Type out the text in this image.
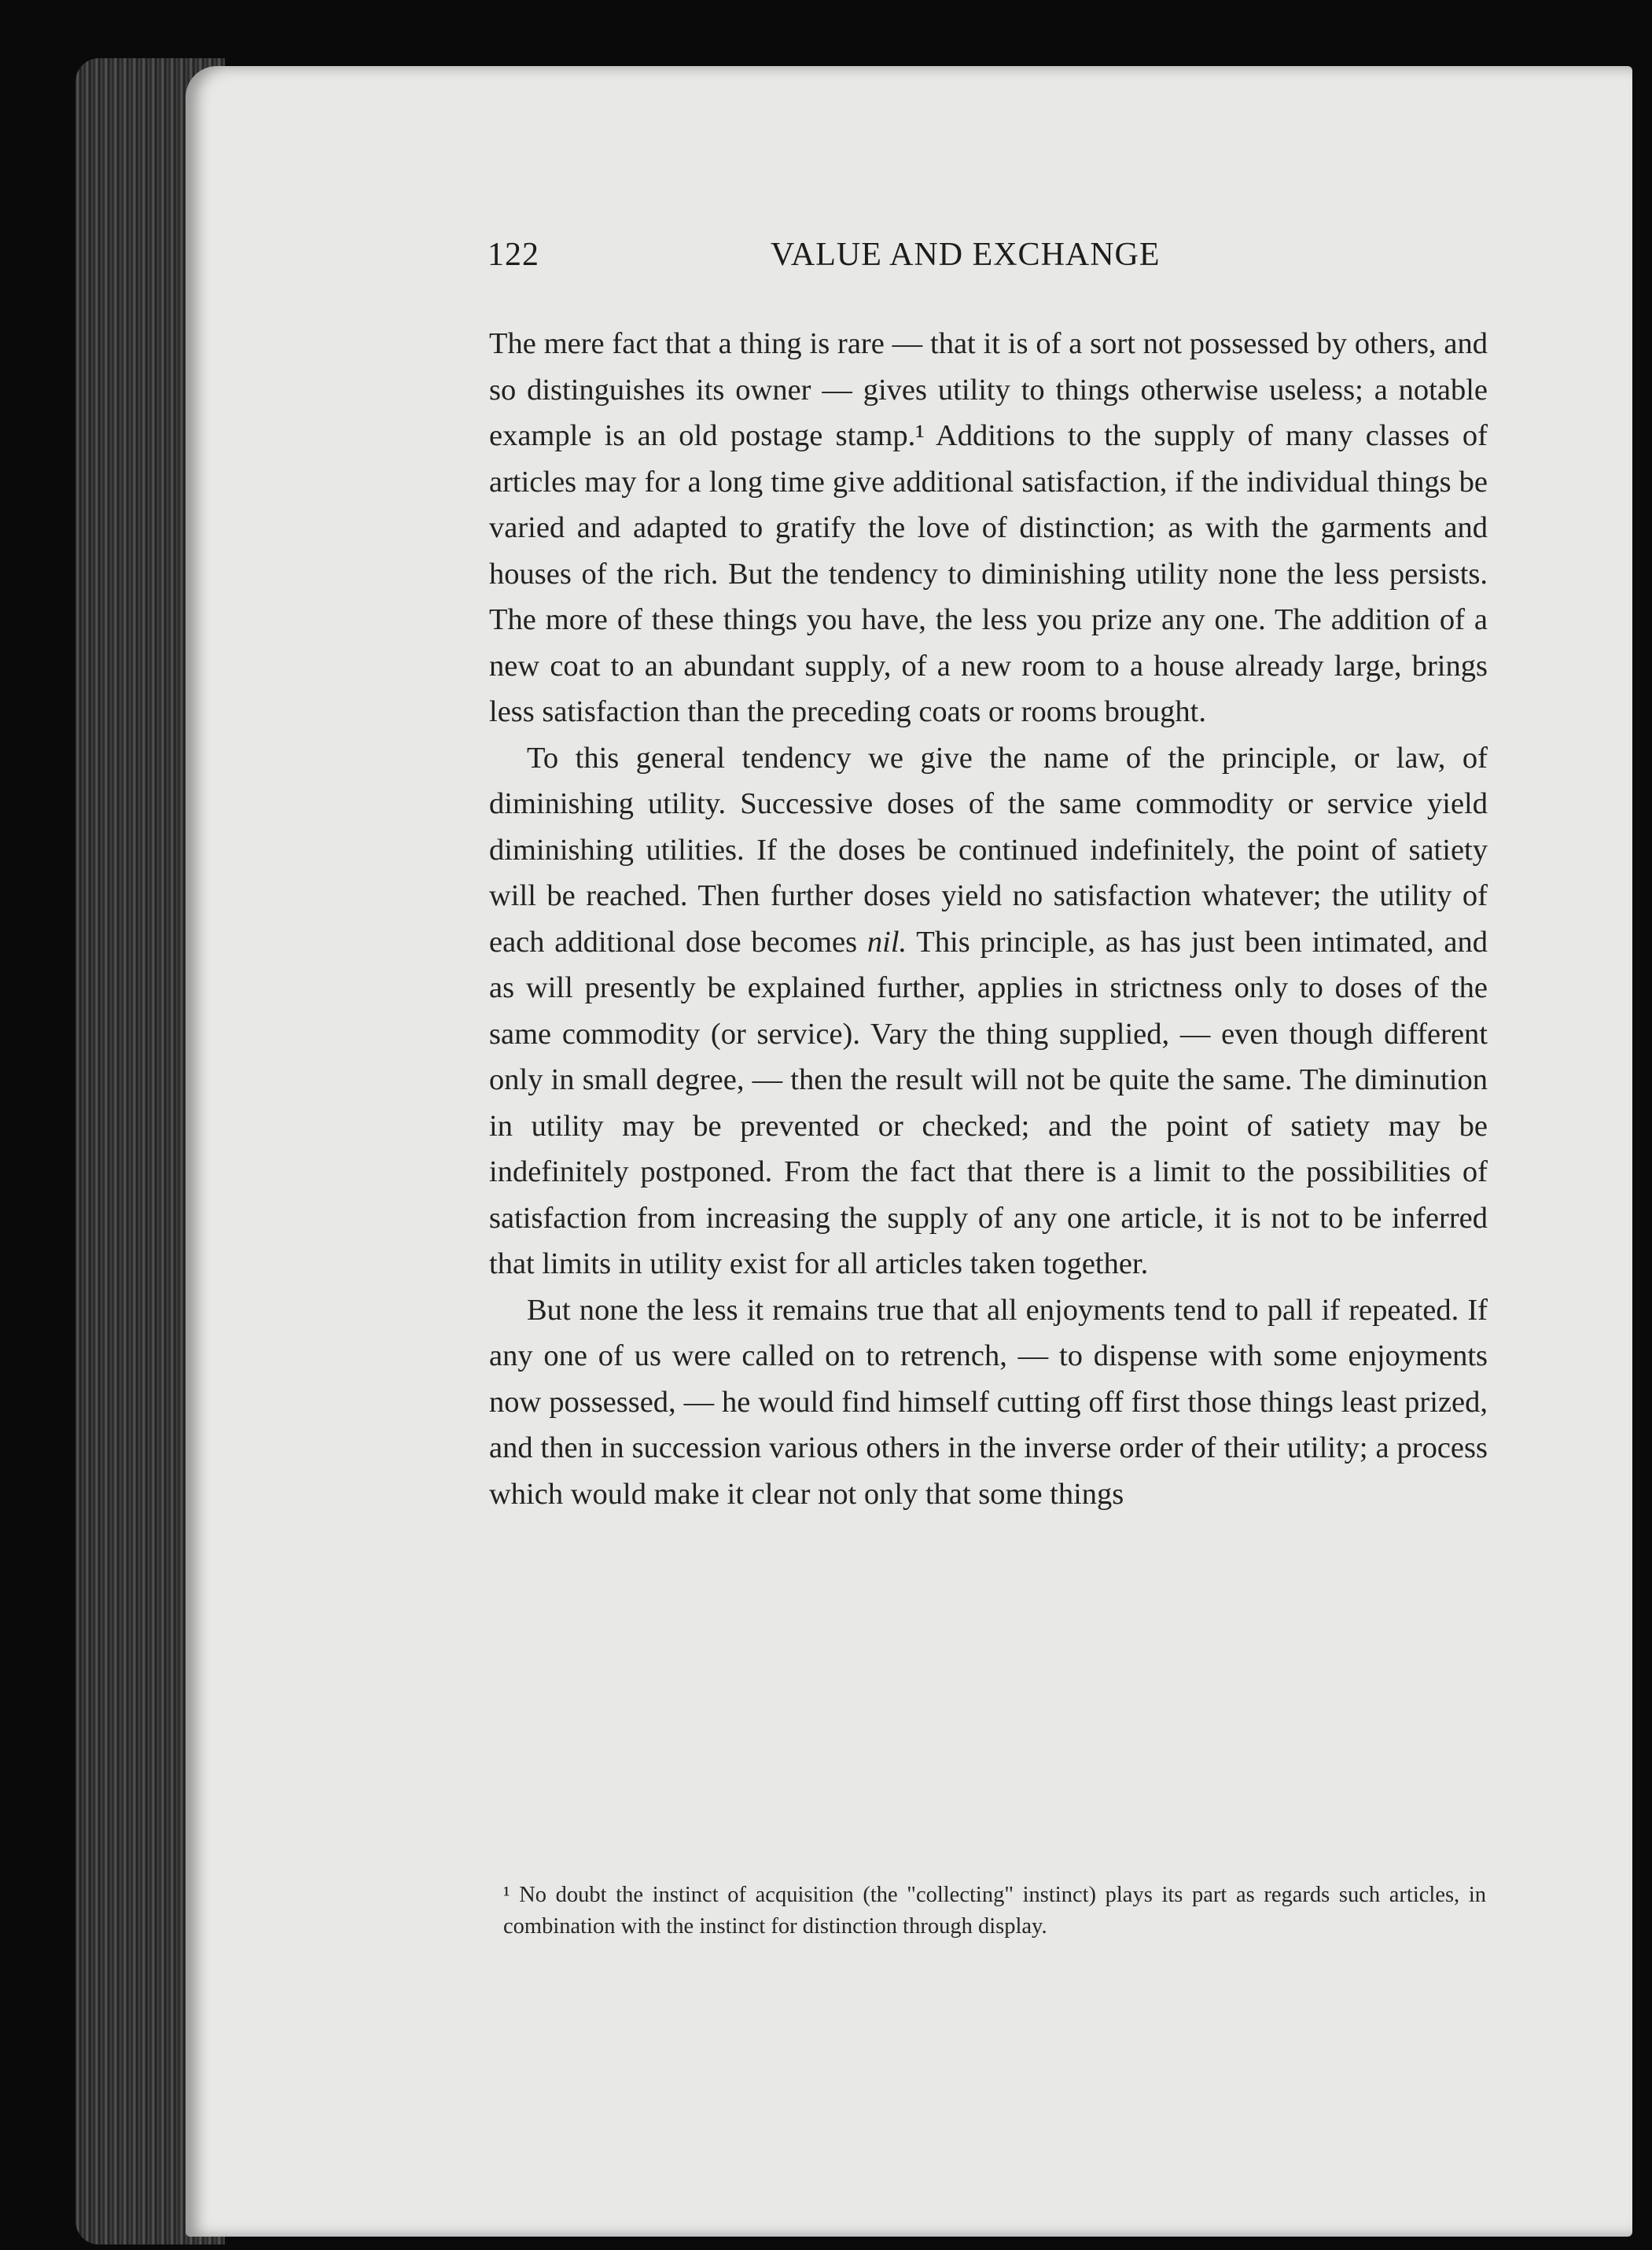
122	VALUE AND EXCHANGE

The mere fact that a thing is rare — that it is of a sort not possessed by others, and so distinguishes its owner — gives utility to things otherwise useless; a notable example is an old postage stamp.¹ Additions to the supply of many classes of articles may for a long time give additional satisfaction, if the individual things be varied and adapted to gratify the love of distinction; as with the garments and houses of the rich. But the tendency to diminishing utility none the less persists. The more of these things you have, the less you prize any one. The addition of a new coat to an abundant supply, of a new room to a house already large, brings less satisfaction than the preceding coats or rooms brought.

To this general tendency we give the name of the principle, or law, of diminishing utility. Successive doses of the same commodity or service yield diminishing utilities. If the doses be continued indefinitely, the point of satiety will be reached. Then further doses yield no satisfaction whatever; the utility of each additional dose becomes nil. This principle, as has just been intimated, and as will presently be explained further, applies in strictness only to doses of the same commodity (or service). Vary the thing supplied, — even though different only in small degree, — then the result will not be quite the same. The diminution in utility may be prevented or checked; and the point of satiety may be indefinitely postponed. From the fact that there is a limit to the possibilities of satisfaction from increasing the supply of any one article, it is not to be inferred that limits in utility exist for all articles taken together.

But none the less it remains true that all enjoyments tend to pall if repeated. If any one of us were called on to retrench, — to dispense with some enjoyments now possessed, — he would find himself cutting off first those things least prized, and then in succession various others in the inverse order of their utility; a process which would make it clear not only that some things

¹ No doubt the instinct of acquisition (the "collecting" instinct) plays its part as regards such articles, in combination with the instinct for distinction through display.
